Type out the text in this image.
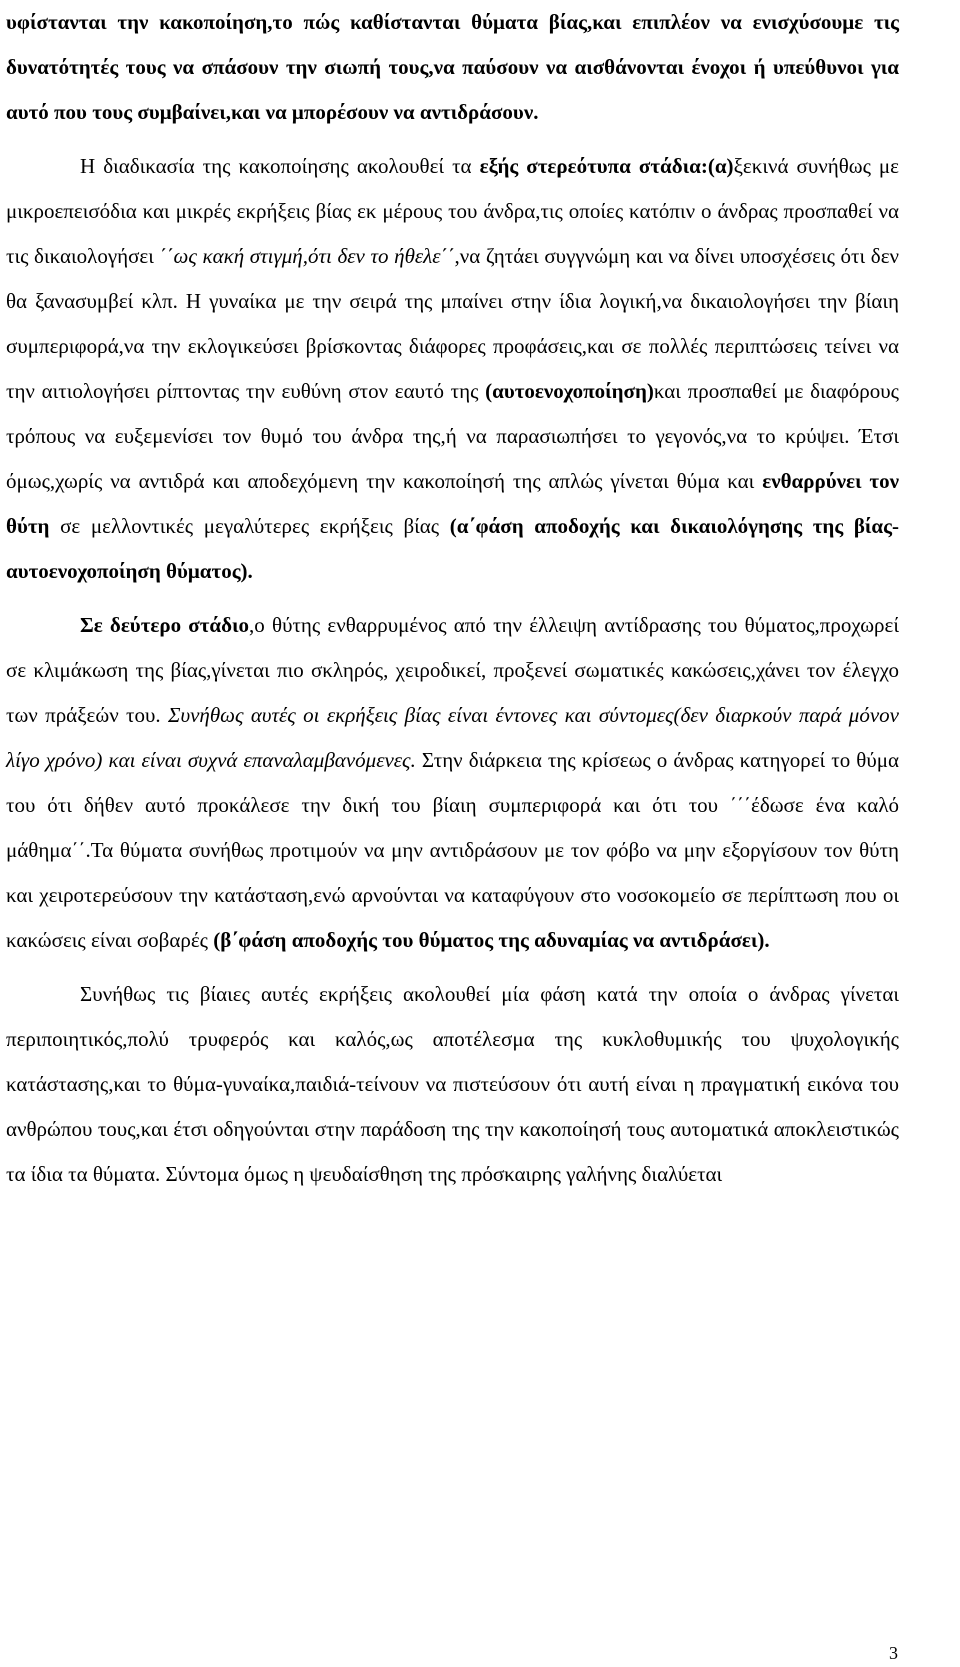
υφίστανται την κακοποίηση,το πώς καθίστανται θύματα βίας,και επιπλέον να ενισχύσουμε τις δυνατότητές τους να σπάσουν την σιωπή τους,να παύσουν να αισθάνονται ένοχοι ή υπεύθυνοι για αυτό που τους συμβαίνει,και να μπορέσουν να αντιδράσουν.

Η διαδικασία της κακοποίησης ακολουθεί τα εξής στερεότυπα στάδια:(α)ξεκινά συνήθως με μικροεπεισόδια και μικρές εκρήξεις βίας εκ μέρους του άνδρα,τις οποίες κατόπιν ο άνδρας προσπαθεί να τις δικαιολογήσει ΄΄ως κακή στιγμή,ότι δεν το ήθελε΄΄,να ζητάει συγγνώμη και να δίνει υποσχέσεις ότι δεν θα ξανασυμβεί κλπ. Η γυναίκα με την σειρά της μπαίνει στην ίδια λογική,να δικαιολογήσει την βίαιη συμπεριφορά,να την εκλογικεύσει βρίσκοντας διάφορες προφάσεις,και σε πολλές περιπτώσεις τείνει να την αιτιολογήσει ρίπτοντας την ευθύνη στον εαυτό της (αυτοενοχοποίηση)και προσπαθεί με διαφόρους τρόπους να ευξεμενίσει τον θυμό του άνδρα της,ή να παρασιωπήσει το γεγονός,να το κρύψει. Έτσι όμως,χωρίς να αντιδρά και αποδεχόμενη την κακοποίησή της απλώς γίνεται θύμα και ενθαρρύνει τον θύτη σε μελλοντικές μεγαλύτερες εκρήξεις βίας (α΄φάση αποδοχής και δικαιολόγησης της βίας-αυτοενοχοποίηση θύματος).

Σε δεύτερο στάδιο,ο θύτης ενθαρρυμένος από την έλλειψη αντίδρασης του θύματος,προχωρεί σε κλιμάκωση της βίας,γίνεται πιο σκληρός, χειροδικεί, προξενεί σωματικές κακώσεις,χάνει τον έλεγχο των πράξεών του. Συνήθως αυτές οι εκρήξεις βίας είναι έντονες και σύντομες(δεν διαρκούν παρά μόνον λίγο χρόνο) και είναι συχνά επαναλαμβανόμενες. Στην διάρκεια της κρίσεως ο άνδρας κατηγορεί το θύμα του ότι δήθεν αυτό προκάλεσε την δική του βίαιη συμπεριφορά και ότι του ΄΄΄έδωσε ένα καλό μάθημα΄΄.Τα θύματα συνήθως προτιμούν να μην αντιδράσουν με τον φόβο να μην εξοργίσουν τον θύτη και χειροτερεύσουν την κατάσταση,ενώ αρνούνται να καταφύγουν στο νοσοκομείο σε περίπτωση που οι κακώσεις είναι σοβαρές (β΄φάση αποδοχής του θύματος της αδυναμίας να αντιδράσει).

Συνήθως τις βίαιες αυτές εκρήξεις ακολουθεί μία φάση κατά την οποία ο άνδρας γίνεται περιποιητικός,πολύ τρυφερός και καλός,ως αποτέλεσμα της κυκλοθυμικής του ψυχολογικής κατάστασης,και το θύμα-γυναίκα,παιδιά-τείνουν να πιστεύσουν ότι αυτή είναι η πραγματική εικόνα του ανθρώπου τους,και έτσι οδηγούνται στην παράδοση της την κακοποίησή τους αυτοματικά αποκλειστικώς τα ίδια τα θύματα. Σύντομα όμως η ψευδαίσθηση της πρόσκαιρης γαλήνης διαλύεται

3
